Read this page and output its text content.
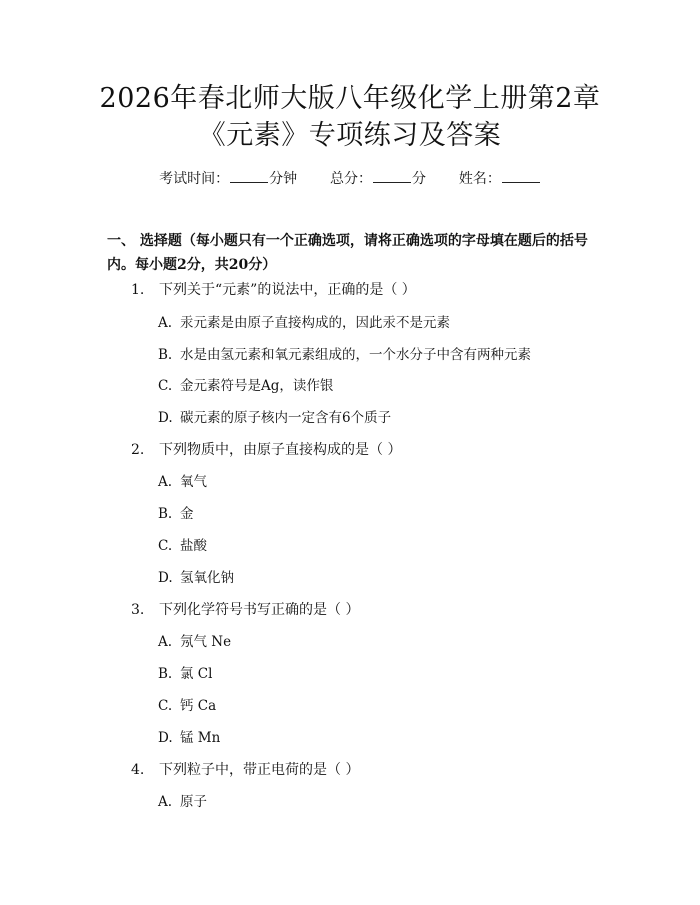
2026年春北师大版八年级化学上册第2章
《元素》专项练习及答案
考试时间：	分钟 总分：	分 姓名：
一、 选择题（每小题只有一个正确选项，请将正确选项的字母填在题后的括号内。每小题2分，共20分）
1. 下列关于“元素”的说法中，正确的是（ ）
A. 汞元素是由原子直接构成的，因此汞不是元素
B. 水是由氢元素和氧元素组成的，一个水分子中含有两种元素
C. 金元素符号是Ag，读作银
D. 碳元素的原子核内一定含有6个质子
2. 下列物质中，由原子直接构成的是（ ）
A. 氧气
B. 金
C. 盐酸
D. 氢氧化钠
3. 下列化学符号书写正确的是（ ）
A. 氖气 Ne
B. 氯 Cl
C. 钙 Ca
D. 锰 Mn
4. 下列粒子中，带正电荷的是（ ）
A. 原子
